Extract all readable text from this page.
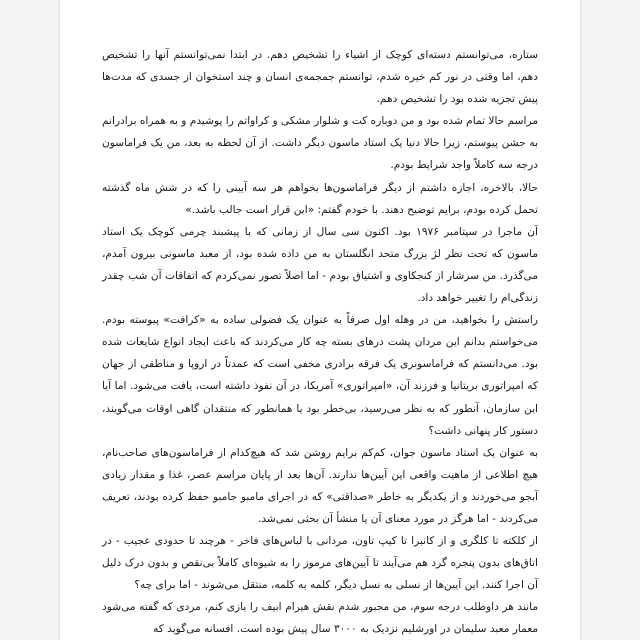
ستاره، می‌توانستم دسته‌ای کوچک از اشیاء را تشخیص دهم. در ابتدا نمی‌توانستم آنها را تشخیص دهم، اما وقتی در نور کم خیره شدم، توانستم جمجمه‌ی انسان و چند استخوان از جسدی که مدت‌ها پیش تجزیه شده بود را تشخیص دهم.

مراسم حالا تمام شده بود و من دوباره کت و شلوار مشکی و کراواتم را پوشیدم و به همراه برادرانم به جشن پیوستم، زیرا حالا دنیا یک استاد ماسون دیگر داشت. از آن لحظه به بعد، من یک فراماسون درجه سه کاملاً واجد شرایط بودم.

حالا، بالاخره، اجازه داشتم از دیگر فراماسون‌ها بخواهم هر سه آیینی را که در شش ماه گذشته تحمل کرده بودم، برایم توضیح دهند. با خودم گفتم: «این قرار است جالب باشد.»

آن ماجرا در سپتامبر ۱۹۷۶ بود. اکنون سی سال از زمانی که با پیشبند چرمی کوچک یک استاد ماسون که تحت نظر لژ بزرگ متحد انگلستان به من داده شده بود، از معبد ماسونی بیرون آمدم، می‌گذرد. من سرشار از کنجکاوی و اشتیاق بودم - اما اصلاً تصور نمی‌کردم که اتفاقات آن شب چقدر زندگی‌ام را تغییر خواهد داد.

راستش را بخواهید، من در وهله اول صرفاً به عنوان یک فضولی ساده به «کرافت» پیوسته بودم. می‌خواستم بدانم این مردان پشت درهای بسته چه کار می‌کردند که باعث ایجاد انواع شایعات شده بود. می‌دانستم که فراماسونری یک فرقه برادری مخفی است که عمدتاً در اروپا و مناطقی از جهان که امپراتوری بریتانیا و فرزند آن، «امپراتوری» آمریکا، در آن نفوذ داشته است، یافت می‌شود. اما آیا این سازمان، آنطور که به نظر می‌رسید، بی‌خطر بود یا همانطور که منتقدان گاهی اوقات می‌گویند، دستور کار پنهانی داشت؟

به عنوان یک استاد ماسون جوان، کم‌کم برایم روشن شد که هیچ‌کدام از فراماسون‌های صاحب‌نام، هیچ اطلاعی از ماهیت واقعی این آیین‌ها ندارند. آن‌ها بعد از پایان مراسم عصر، غذا و مقدار زیادی آبجو می‌خوردند و از یکدیگر به خاطر «صداقتی» که در اجرای مامبو جامبو حفظ کرده بودند، تعریف می‌کردند - اما هرگز در مورد معنای آن یا منشأ آن بحثی نمی‌شد.

از کلکته تا کلگری و از کانبرا تا کیپ تاون، مردانی با لباس‌های فاخر - هرچند تا حدودی عجیب - در اتاق‌های بدون پنجره گرد هم می‌آیند تا آیین‌های مرموز را به شیوه‌ای کاملاً بی‌نقص و بدون درک دلیل آن اجرا کنند. این آیین‌ها از نسلی به نسل دیگر، کلمه به کلمه، منتقل می‌شوند - اما برای چه؟

مانند هر داوطلب درجه سوم، من مجبور شدم نقش هیرام ابیف را بازی کنم، مردی که گفته می‌شود معمار معبد سلیمان در اورشلیم نزدیک به ۳۰۰۰ سال پیش بوده است. افسانه می‌گوید که
